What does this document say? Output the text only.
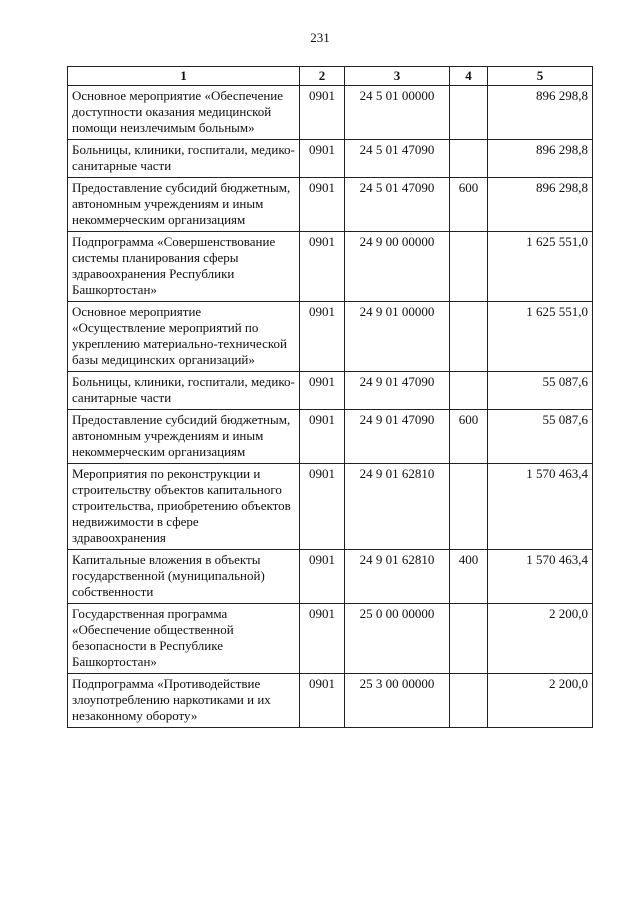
231
1	2	3	4	5
Основное мероприятие «Обеспечение доступности оказания медицинской помощи неизлечимым больным»	0901	24 5 01 00000		896 298,8
Больницы, клиники, госпитали, медико-санитарные части	0901	24 5 01 47090		896 298,8
Предоставление субсидий бюджетным, автономным учреждениям и иным некоммерческим организациям	0901	24 5 01 47090	600	896 298,8
Подпрограмма «Совершенствование системы планирования сферы здравоохранения Республики Башкортостан»	0901	24 9 00 00000		1 625 551,0
Основное мероприятие «Осуществление мероприятий по укреплению материально-технической базы медицинских организаций»	0901	24 9 01 00000		1 625 551,0
Больницы, клиники, госпитали, медико-санитарные части	0901	24 9 01 47090		55 087,6
Предоставление субсидий бюджетным, автономным учреждениям и иным некоммерческим организациям	0901	24 9 01 47090	600	55 087,6
Мероприятия по реконструкции и строительству объектов капитального строительства, приобретению объектов недвижимости в сфере здравоохранения	0901	24 9 01 62810		1 570 463,4
Капитальные вложения в объекты государственной (муниципальной) собственности	0901	24 9 01 62810	400	1 570 463,4
Государственная программа «Обеспечение общественной безопасности в Республике Башкортостан»	0901	25 0 00 00000		2 200,0
Подпрограмма «Противодействие злоупотреблению наркотиками и их незаконному обороту»	0901	25 3 00 00000		2 200,0
